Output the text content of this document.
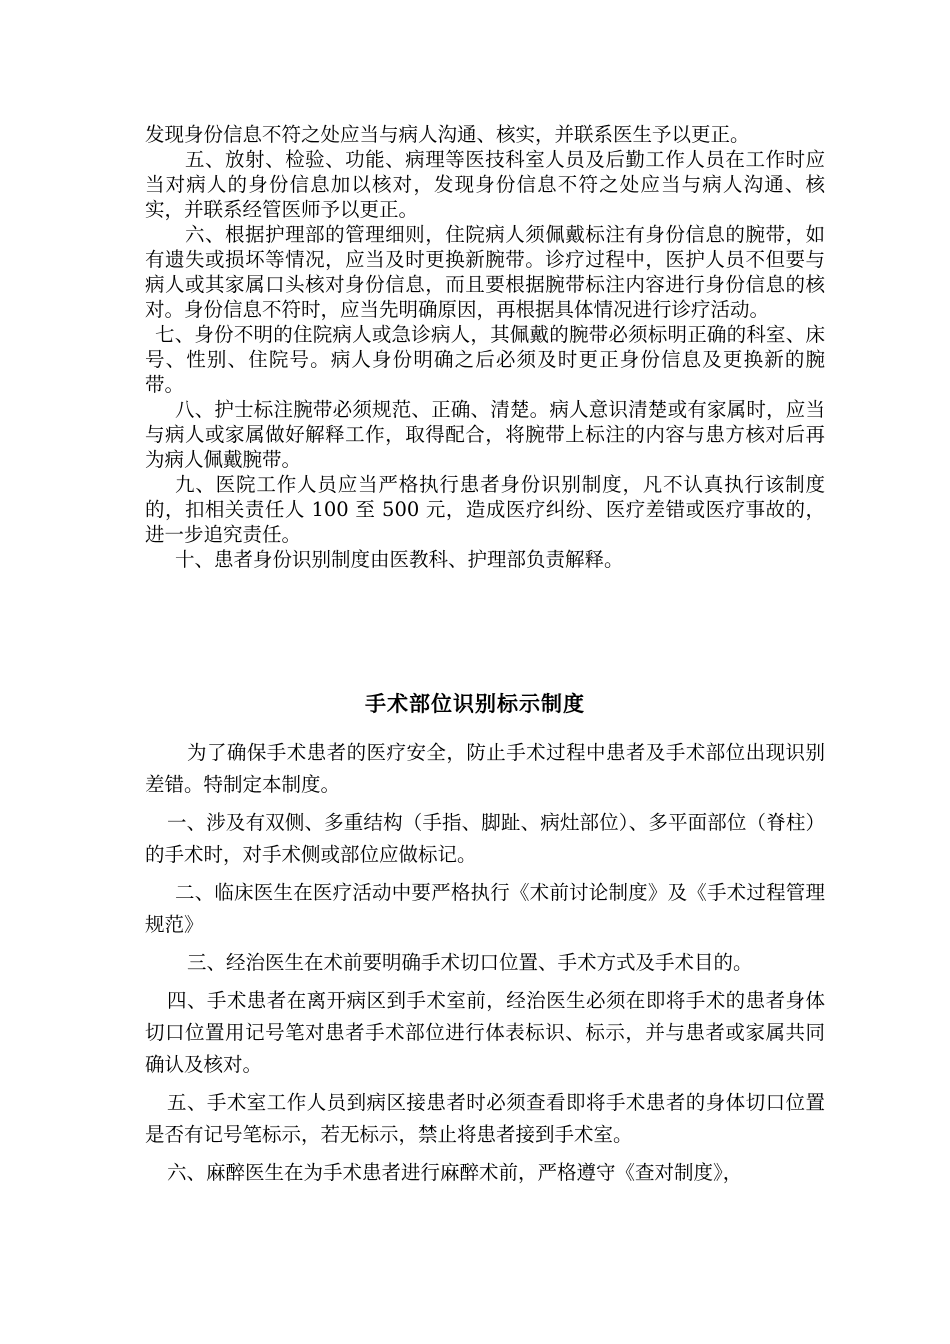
发现身份信息不符之处应当与病人沟通、核实，并联系医生予以更正。

五、放射、检验、功能、病理等医技科室人员及后勤工作人员在工作时应当对病人的身份信息加以核对，发现身份信息不符之处应当与病人沟通、核实，并联系经管医师予以更正。

六、根据护理部的管理细则，住院病人须佩戴标注有身份信息的腕带，如有遗失或损坏等情况，应当及时更换新腕带。诊疗过程中，医护人员不但要与病人或其家属口头核对身份信息，而且要根据腕带标注内容进行身份信息的核对。身份信息不符时，应当先明确原因，再根据具体情况进行诊疗活动。

七、身份不明的住院病人或急诊病人，其佩戴的腕带必须标明正确的科室、床号、性别、住院号。病人身份明确之后必须及时更正身份信息及更换新的腕带。

八、护士标注腕带必须规范、正确、清楚。病人意识清楚或有家属时，应当与病人或家属做好解释工作，取得配合，将腕带上标注的内容与患方核对后再为病人佩戴腕带。

九、医院工作人员应当严格执行患者身份识别制度，凡不认真执行该制度的，扣相关责任人 100 至 500 元，造成医疗纠纷、医疗差错或医疗事故的，进一步追究责任。

十、患者身份识别制度由医教科、护理部负责解释。

手术部位识别标示制度

为了确保手术患者的医疗安全，防止手术过程中患者及手术部位出现识别差错。特制定本制度。

一、涉及有双侧、多重结构（手指、脚趾、病灶部位）、多平面部位（脊柱）的手术时，对手术侧或部位应做标记。

二、临床医生在医疗活动中要严格执行《术前讨论制度》及《手术过程管理规范》

三、经治医生在术前要明确手术切口位置、手术方式及手术目的。

四、手术患者在离开病区到手术室前，经治医生必须在即将手术的患者身体切口位置用记号笔对患者手术部位进行体表标识、标示，并与患者或家属共同确认及核对。

五、手术室工作人员到病区接患者时必须查看即将手术患者的身体切口位置是否有记号笔标示，若无标示，禁止将患者接到手术室。

六、麻醉医生在为手术患者进行麻醉术前，严格遵守《查对制度》，
